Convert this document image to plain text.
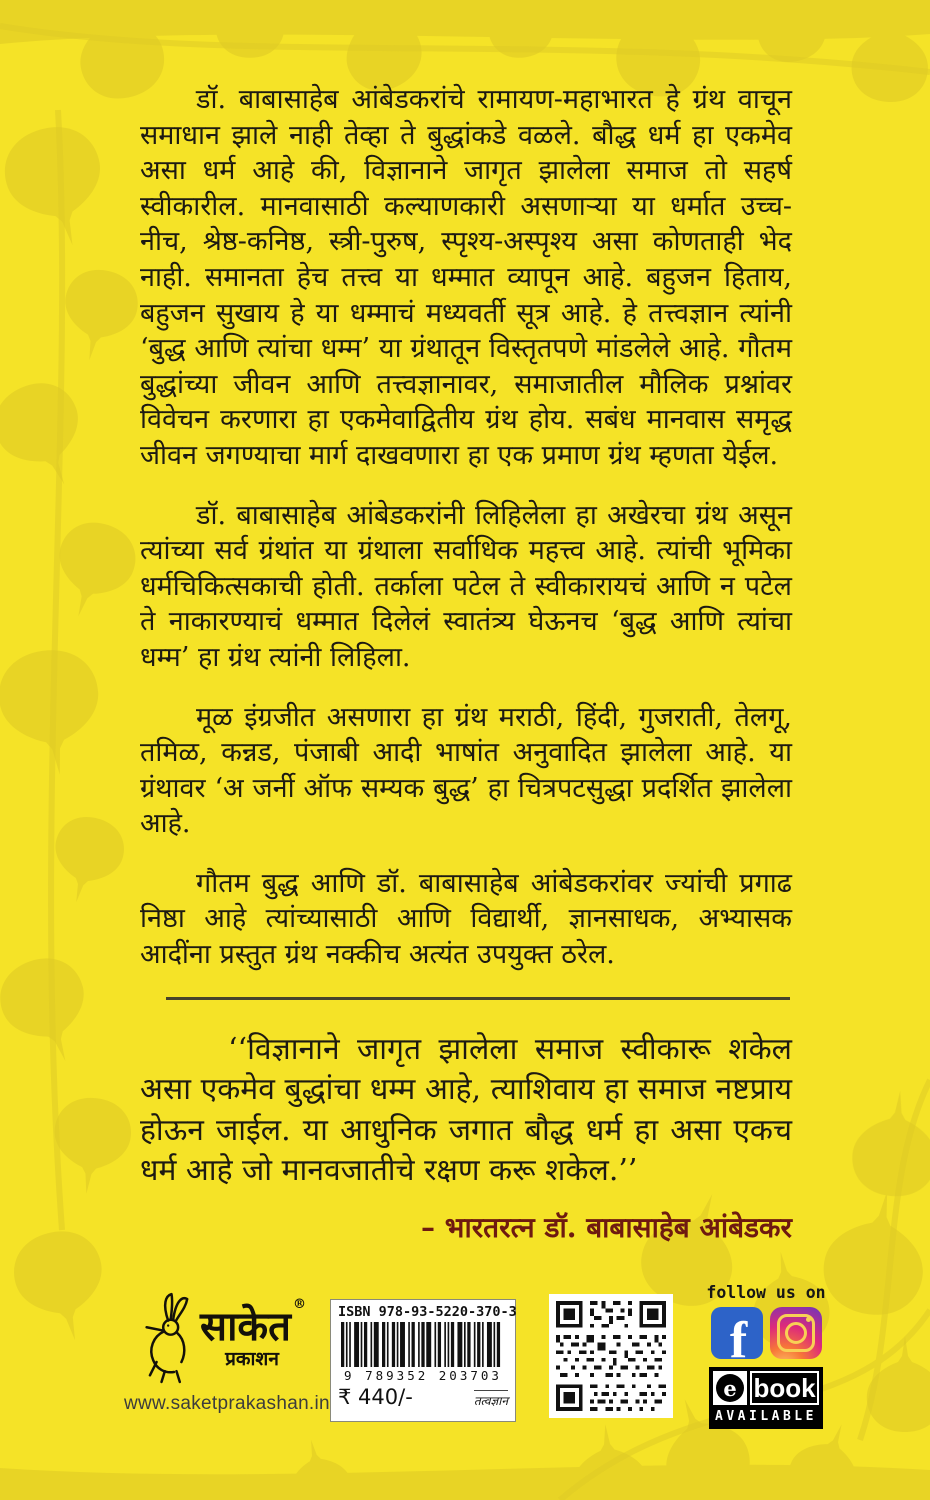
डॉ. बाबासाहेब आंबेडकरांचे रामायण-महाभारत हे ग्रंथ वाचून समाधान झाले नाही तेव्हा ते बुद्धांकडे वळले. बौद्ध धर्म हा एकमेव असा धर्म आहे की, विज्ञानाने जागृत झालेला समाज तो सहर्ष स्वीकारील. मानवासाठी कल्याणकारी असणाऱ्या या धर्मात उच्च-नीच, श्रेष्ठ-कनिष्ठ, स्त्री-पुरुष, स्पृश्य-अस्पृश्य असा कोणताही भेद नाही. समानता हेच तत्त्व या धम्मात व्यापून आहे. बहुजन हिताय, बहुजन सुखाय हे या धम्माचं मध्यवर्ती सूत्र आहे. हे तत्त्वज्ञान त्यांनी ‘बुद्ध आणि त्यांचा धम्म’ या ग्रंथातून विस्तृतपणे मांडलेले आहे. गौतम बुद्धांच्या जीवन आणि तत्त्वज्ञानावर, समाजातील मौलिक प्रश्नांवर विवेचन करणारा हा एकमेवाद्वितीय ग्रंथ होय. सबंध मानवास समृद्ध जीवन जगण्याचा मार्ग दाखवणारा हा एक प्रमाण ग्रंथ म्हणता येईल.

डॉ. बाबासाहेब आंबेडकरांनी लिहिलेला हा अखेरचा ग्रंथ असून त्यांच्या सर्व ग्रंथांत या ग्रंथाला सर्वाधिक महत्त्व आहे. त्यांची भूमिका धर्मचिकित्सकाची होती. तर्काला पटेल ते स्वीकारायचं आणि न पटेल ते नाकारण्याचं धम्मात दिलेलं स्वातंत्र्य घेऊनच ‘बुद्ध आणि त्यांचा धम्म’ हा ग्रंथ त्यांनी लिहिला.

मूळ इंग्रजीत असणारा हा ग्रंथ मराठी, हिंदी, गुजराती, तेलगू, तमिळ, कन्नड, पंजाबी आदी भाषांत अनुवादित झालेला आहे. या ग्रंथावर ‘अ जर्नी ऑफ सम्यक बुद्ध’ हा चित्रपटसुद्धा प्रदर्शित झालेला आहे.

गौतम बुद्ध आणि डॉ. बाबासाहेब आंबेडकरांवर ज्यांची प्रगाढ निष्ठा आहे त्यांच्यासाठी आणि विद्यार्थी, ज्ञानसाधक, अभ्यासक आदींना प्रस्तुत ग्रंथ नक्कीच अत्यंत उपयुक्त ठरेल.

‘‘विज्ञानाने जागृत झालेला समाज स्वीकारू शकेल असा एकमेव बुद्धांचा धम्म आहे, त्याशिवाय हा समाज नष्टप्राय होऊन जाईल. या आधुनिक जगात बौद्ध धर्म हा असा एकच धर्म आहे जो मानवजातीचे रक्षण करू शकेल.’’
– भारतरत्न डॉ. बाबासाहेब आंबेडकर
साकेत ®
प्रकाशन
www.saketprakashan.in
ISBN 978-93-5220-370-3
9 789352 203703
₹ 440/-	तत्वज्ञान
follow us on
f
e book
AVAILABLE
